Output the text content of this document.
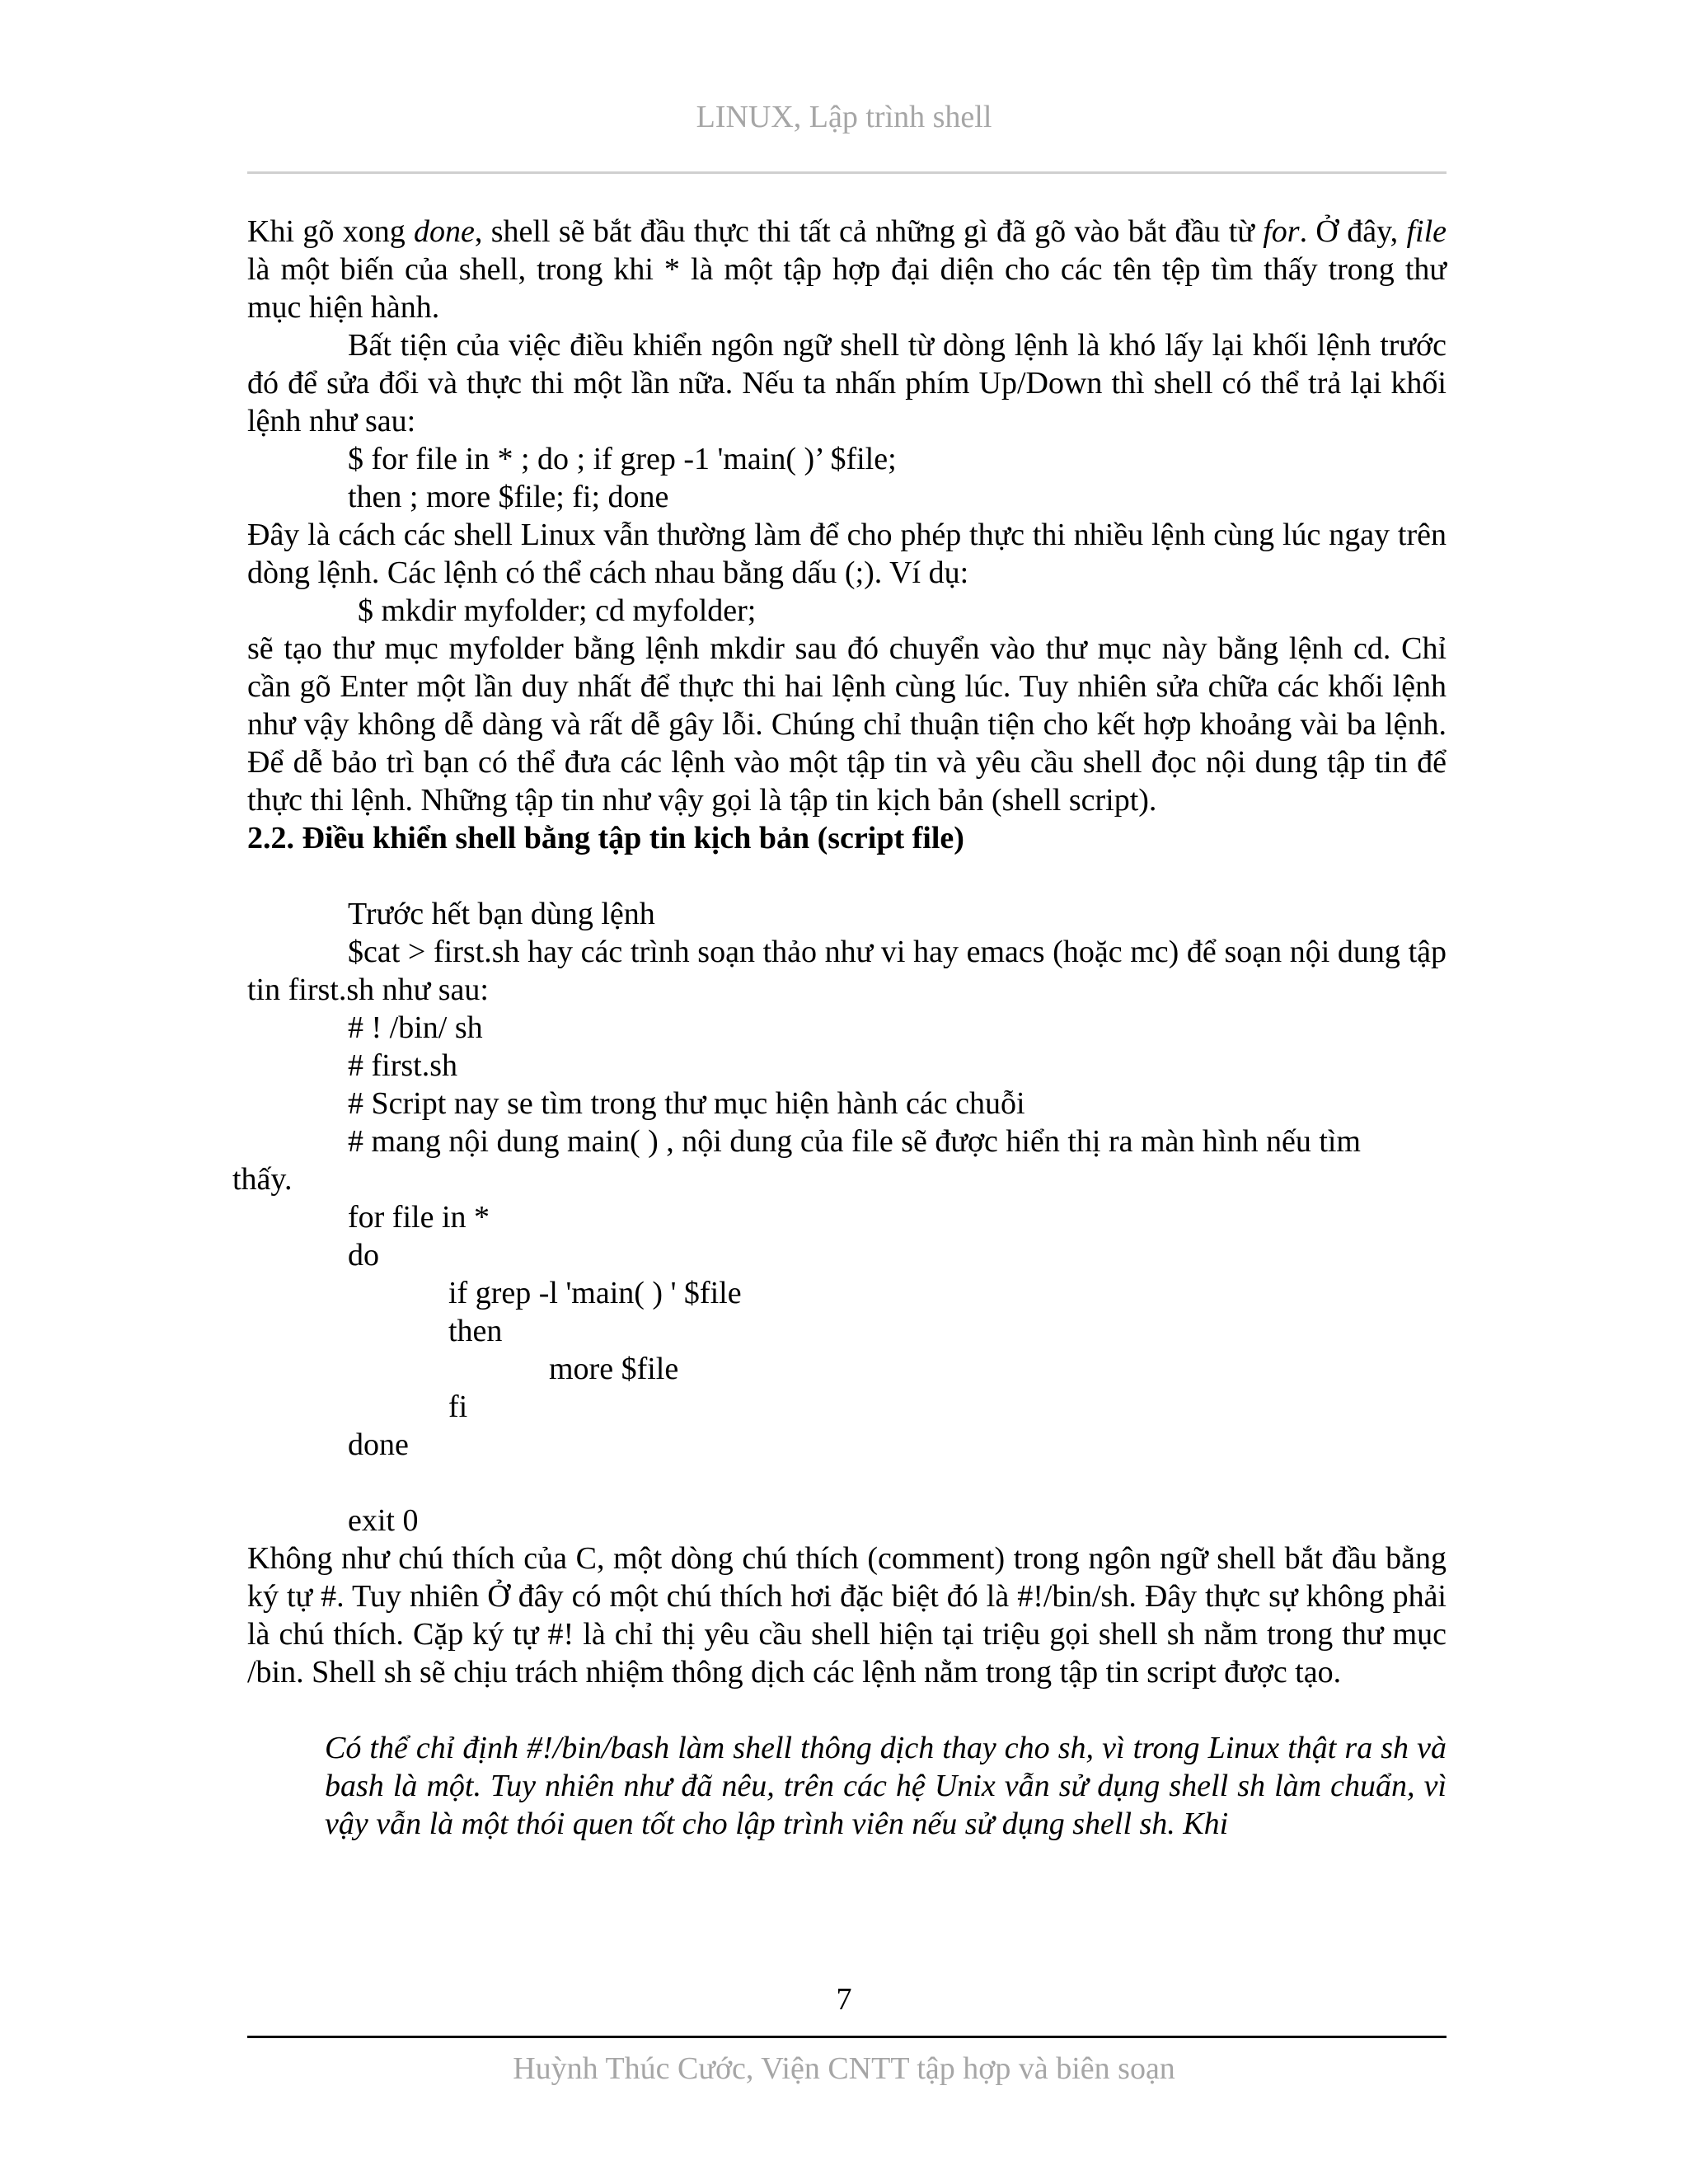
LINUX, Lập trình shell

Khi gõ xong done, shell sẽ bắt đầu thực thi tất cả những gì đã gõ vào bắt đầu từ for. Ở đây, file là một biến của shell, trong khi * là một tập hợp đại diện cho các tên tệp tìm thấy trong thư mục hiện hành.

Bất tiện của việc điều khiển ngôn ngữ shell từ dòng lệnh là khó lấy lại khối lệnh trước đó để sửa đổi và thực thi một lần nữa. Nếu ta nhấn phím Up/Down thì shell có thể trả lại khối lệnh như sau:

$ for file in * ; do ; if grep -1 'main( )’ $file;

then ; more $file; fi; done

Đây là cách các shell Linux vẫn thường làm để cho phép thực thi nhiều lệnh cùng lúc ngay trên dòng lệnh. Các lệnh có thể cách nhau bằng dấu (;). Ví dụ:

$ mkdir myfolder; cd myfolder;

sẽ tạo thư mục myfolder bằng lệnh mkdir sau đó chuyển vào thư mục này bằng lệnh cd. Chỉ cần gõ Enter một lần duy nhất để thực thi hai lệnh cùng lúc. Tuy nhiên sửa chữa các khối lệnh như vậy không dễ dàng và rất dễ gây lỗi. Chúng chỉ thuận tiện cho kết hợp khoảng vài ba lệnh. Để dễ bảo trì bạn có thể đưa các lệnh vào một tập tin và yêu cầu shell đọc nội dung tập tin để thực thi lệnh. Những tập tin như vậy gọi là tập tin kịch bản (shell script).

2.2. Điều khiển shell bằng tập tin kịch bản (script file)

Trước hết bạn dùng lệnh

$cat > first.sh hay các trình soạn thảo như vi hay emacs (hoặc mc) để soạn nội dung tập tin first.sh như sau:

# ! /bin/ sh

# first.sh

# Script nay se tìm trong thư mục hiện hành các chuỗi

# mang nội dung main( ) , nội dung của file sẽ được hiển thị ra màn hình nếu tìm

thấy.

for file in *

do

if grep -l 'main( ) ' $file

then

more $file

fi

done

exit 0

Không như chú thích của C, một dòng chú thích (comment) trong ngôn ngữ shell bắt đầu bằng ký tự #. Tuy nhiên Ở đây có một chú thích hơi đặc biệt đó là #!/bin/sh. Đây thực sự không phải là chú thích. Cặp ký tự #! là chỉ thị yêu cầu shell hiện tại triệu gọi shell sh nằm trong thư mục /bin. Shell sh sẽ chịu trách nhiệm thông dịch các lệnh nằm trong tập tin script được tạo.

Có thể chỉ định #!/bin/bash làm shell thông dịch thay cho sh, vì trong Linux thật ra sh và bash là một. Tuy nhiên như đã nêu, trên các hệ Unix vẫn sử dụng shell sh làm chuẩn, vì vậy vẫn là một thói quen tốt cho lập trình viên nếu sử dụng shell sh. Khi

7
Huỳnh Thúc Cước, Viện CNTT tập hợp và biên soạn
